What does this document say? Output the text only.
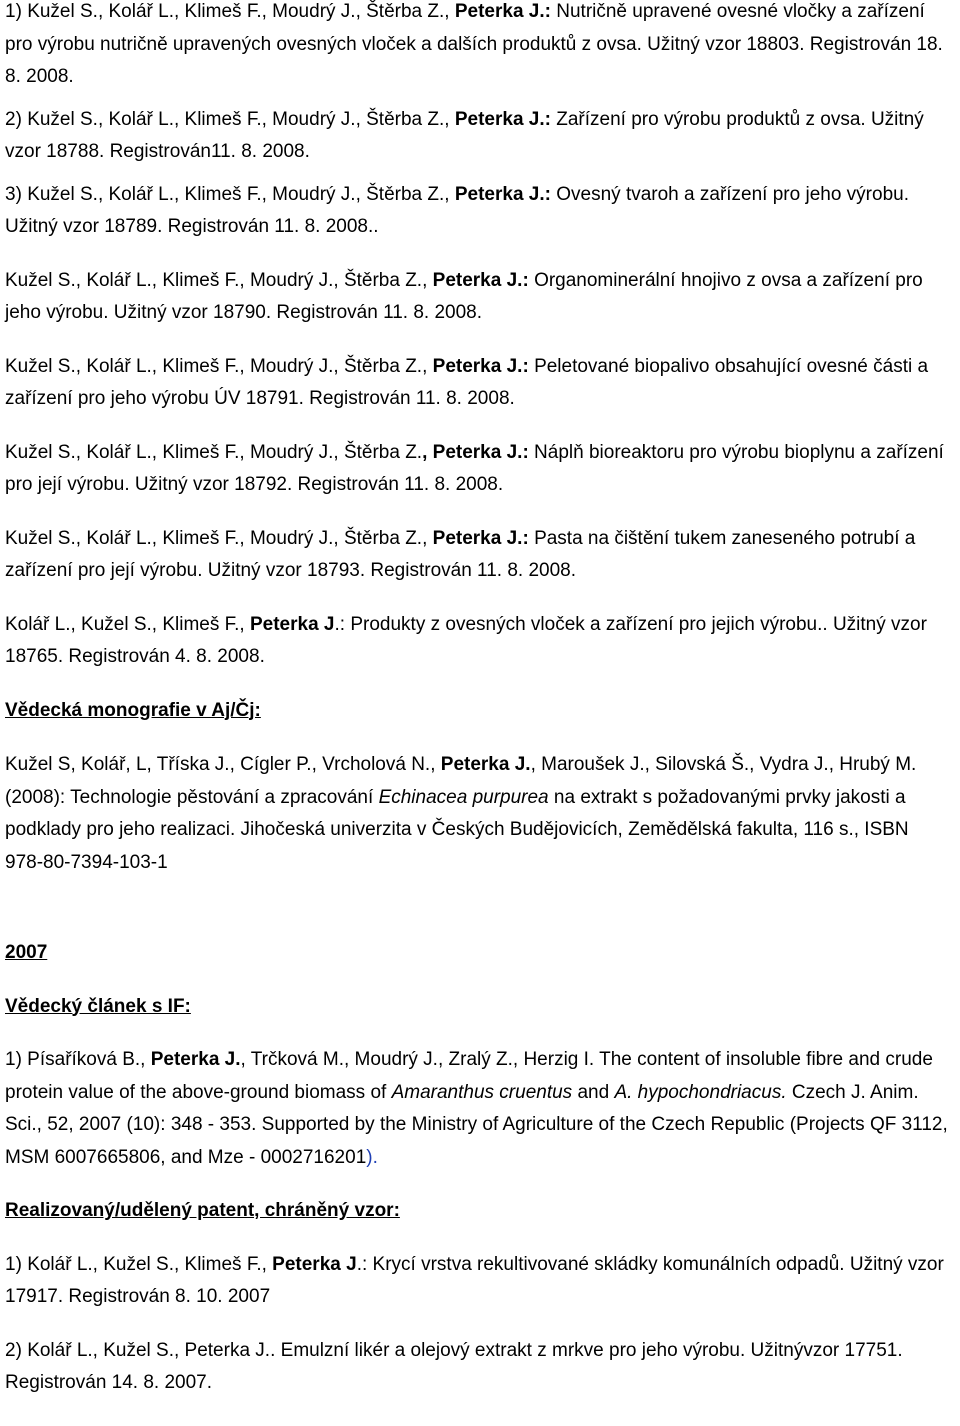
1) Kužel S., Kolář L., Klimeš F., Moudrý J., Štěrba Z., Peterka J.: Nutričně upravené ovesné vločky a zařízení pro výrobu nutričně upravených ovesných vloček a dalších produktů z ovsa. Užitný vzor 18803. Registrován 18. 8. 2008.

2) Kužel S., Kolář L., Klimeš F., Moudrý J., Štěrba Z., Peterka J.: Zařízení pro výrobu produktů z ovsa. Užitný vzor 18788. Registrován11. 8. 2008.

3) Kužel S., Kolář L., Klimeš F., Moudrý J., Štěrba Z., Peterka J.: Ovesný tvaroh a zařízení pro jeho výrobu. Užitný vzor 18789. Registrován 11. 8. 2008..

Kužel S., Kolář L., Klimeš F., Moudrý J., Štěrba Z., Peterka J.: Organominerální hnojivo z ovsa a zařízení pro jeho výrobu. Užitný vzor 18790. Registrován 11. 8. 2008.

Kužel S., Kolář L., Klimeš F., Moudrý J., Štěrba Z., Peterka J.: Peletované biopalivo obsahující ovesné části a zařízení pro jeho výrobu ÚV 18791. Registrován 11. 8. 2008.

Kužel S., Kolář L., Klimeš F., Moudrý J., Štěrba Z., Peterka J.: Náplň bioreaktoru pro výrobu bioplynu a zařízení pro její výrobu. Užitný vzor 18792. Registrován 11. 8. 2008.

Kužel S., Kolář L., Klimeš F., Moudrý J., Štěrba Z., Peterka J.: Pasta na čištění tukem zaneseného potrubí a zařízení pro její výrobu. Užitný vzor 18793. Registrován 11. 8. 2008.

Kolář L., Kužel S., Klimeš F., Peterka J.: Produkty z ovesných vloček a zařízení pro jejich výrobu.. Užitný vzor 18765. Registrován 4. 8. 2008.

Vědecká monografie v Aj/Čj:

Kužel S, Kolář, L, Tříska J., Cígler P., Vrcholová N., Peterka J., Maroušek J., Silovská Š., Vydra J., Hrubý M.(2008): Technologie pěstování a zpracování Echinacea purpurea na extrakt s požadovanými prvky jakosti a podklady pro jeho realizaci. Jihočeská univerzita v Českých Budějovicích, Zemědělská fakulta, 116 s., ISBN 978-80-7394-103-1

2007

Vědecký článek s IF:

1) Písaříková B., Peterka J., Trčková M., Moudrý J., Zralý Z., Herzig I. The content of insoluble fibre and crude protein value of the above-ground biomass of Amaranthus cruentus and A. hypochondriacus. Czech J. Anim. Sci., 52, 2007 (10): 348 - 353. Supported by the Ministry of Agriculture of the Czech Republic (Projects QF 3112, MSM 6007665806, and Mze - 0002716201).

Realizovaný/udělený patent, chráněný vzor:

1) Kolář L., Kužel S., Klimeš F., Peterka J.: Krycí vrstva rekultivované skládky komunálních odpadů. Užitný vzor 17917. Registrován 8. 10. 2007

2) Kolář L., Kužel S., Peterka J.. Emulzní likér a olejový extrakt z mrkve pro jeho výrobu. Užitnývzor 17751. Registrován 14. 8. 2007.
